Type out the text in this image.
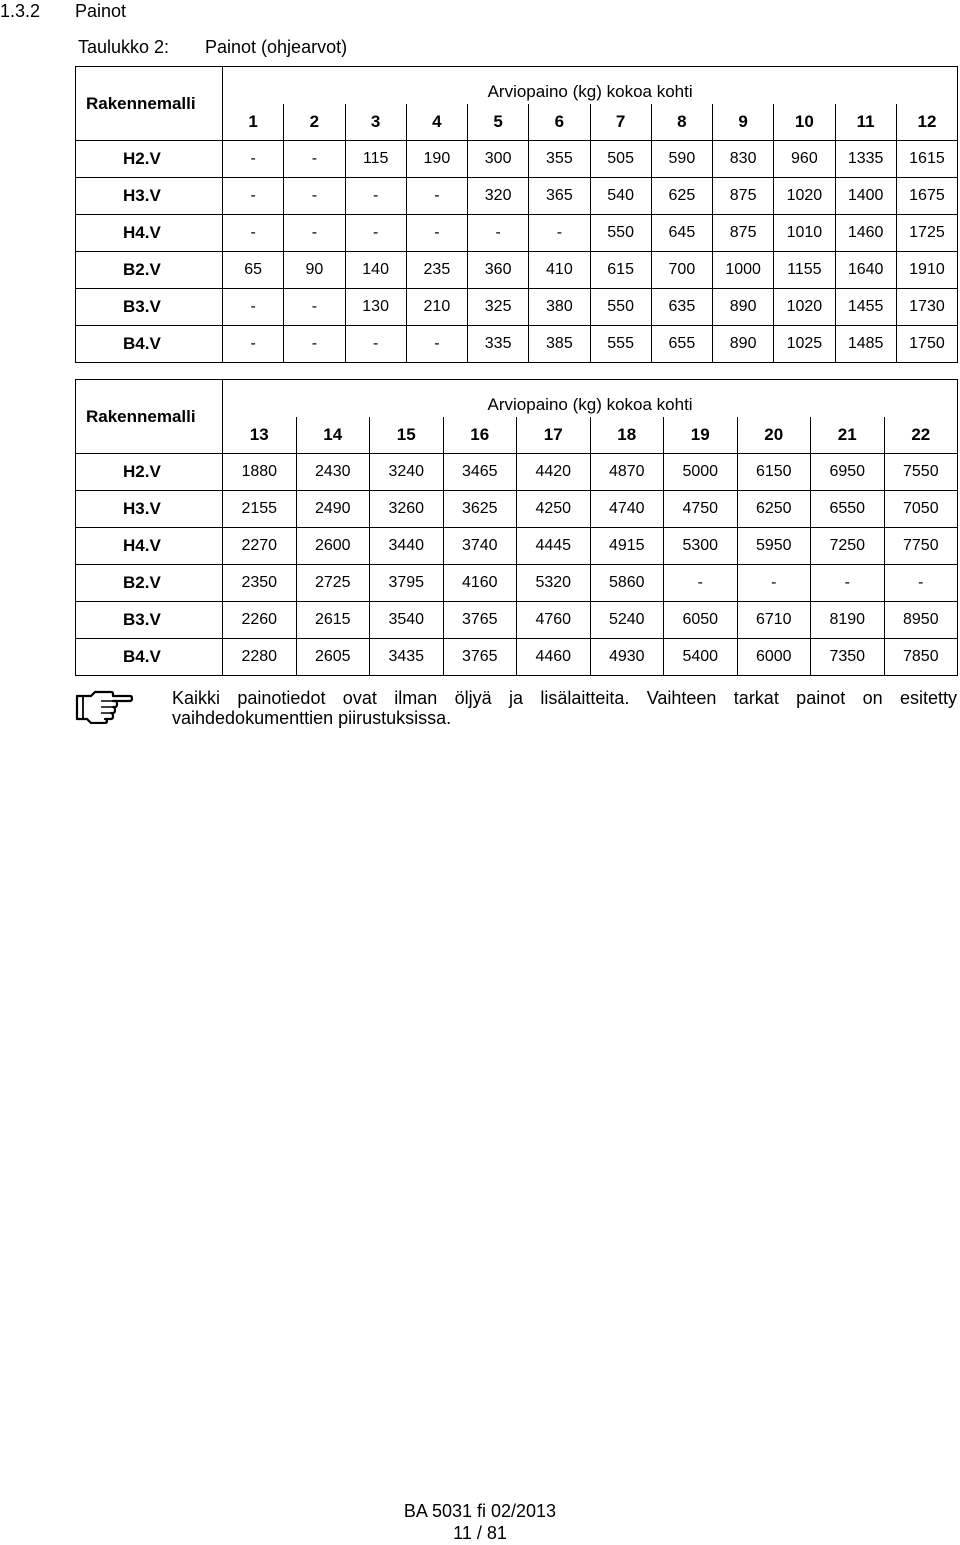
1.3.2	Painot
Taulukko 2:	Painot (ohjearvot)
Rakennemalli	Arviopaino (kg) kokoa kohti											
	1	2	3	4	5	6	7	8	9	10	11	12
H2.V	-	-	115	190	300	355	505	590	830	960	1335	1615
H3.V	-	-	-	-	320	365	540	625	875	1020	1400	1675
H4.V	-	-	-	-	-	-	550	645	875	1010	1460	1725
B2.V	65	90	140	235	360	410	615	700	1000	1155	1640	1910
B3.V	-	-	130	210	325	380	550	635	890	1020	1455	1730
B4.V	-	-	-	-	335	385	555	655	890	1025	1485	1750
Rakennemalli	Arviopaino (kg) kokoa kohti									
	13	14	15	16	17	18	19	20	21	22
H2.V	1880	2430	3240	3465	4420	4870	5000	6150	6950	7550
H3.V	2155	2490	3260	3625	4250	4740	4750	6250	6550	7050
H4.V	2270	2600	3440	3740	4445	4915	5300	5950	7250	7750
B2.V	2350	2725	3795	4160	5320	5860	-	-	-	-
B3.V	2260	2615	3540	3765	4760	5240	6050	6710	8190	8950
B4.V	2280	2605	3435	3765	4460	4930	5400	6000	7350	7850
Kaikki painotiedot ovat ilman öljyä ja lisälaitteita. Vaihteen tarkat painot on esitetty vaihdedokumenttien piirustuksissa.
BA 5031 fi 02/2013
11 / 81
